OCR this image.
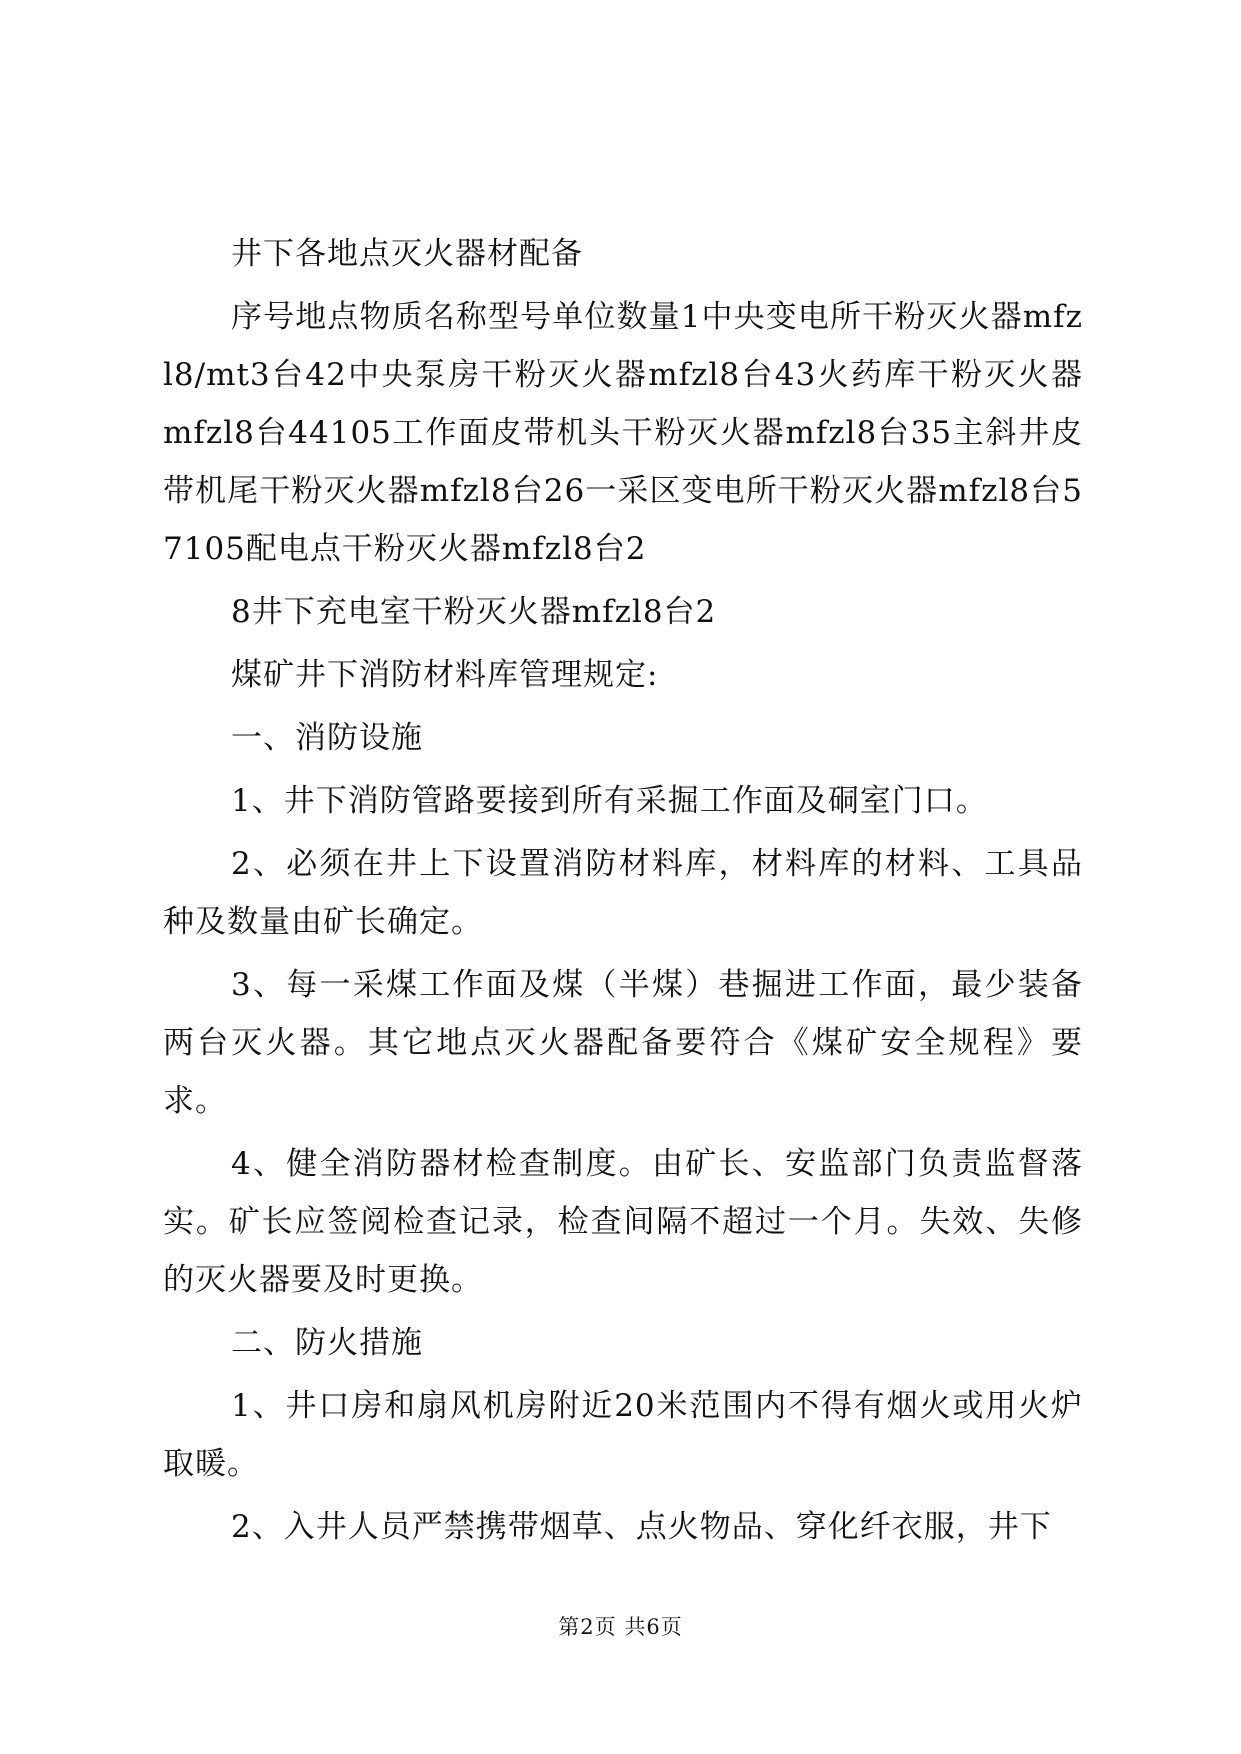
井下各地点灭火器材配备

序号地点物质名称型号单位数量1中央变电所干粉灭火器mfzl8/mt3台42中央泵房干粉灭火器mfzl8台43火药库干粉灭火器mfzl8台44105工作面皮带机头干粉灭火器mfzl8台35主斜井皮带机尾干粉灭火器mfzl8台26一采区变电所干粉灭火器mfzl8台57105配电点干粉灭火器mfzl8台2

8井下充电室干粉灭火器mfzl8台2

煤矿井下消防材料库管理规定:

一、消防设施

1、井下消防管路要接到所有采掘工作面及硐室门口。

2、必须在井上下设置消防材料库，材料库的材料、工具品种及数量由矿长确定。

3、每一采煤工作面及煤（半煤）巷掘进工作面，最少装备两台灭火器。其它地点灭火器配备要符合《煤矿安全规程》要求。

4、健全消防器材检查制度。由矿长、安监部门负责监督落实。矿长应签阅检查记录，检查间隔不超过一个月。失效、失修的灭火器要及时更换。

二、防火措施

1、井口房和扇风机房附近20米范围内不得有烟火或用火炉取暖。

2、入井人员严禁携带烟草、点火物品、穿化纤衣服，井下

第2页 共6页
